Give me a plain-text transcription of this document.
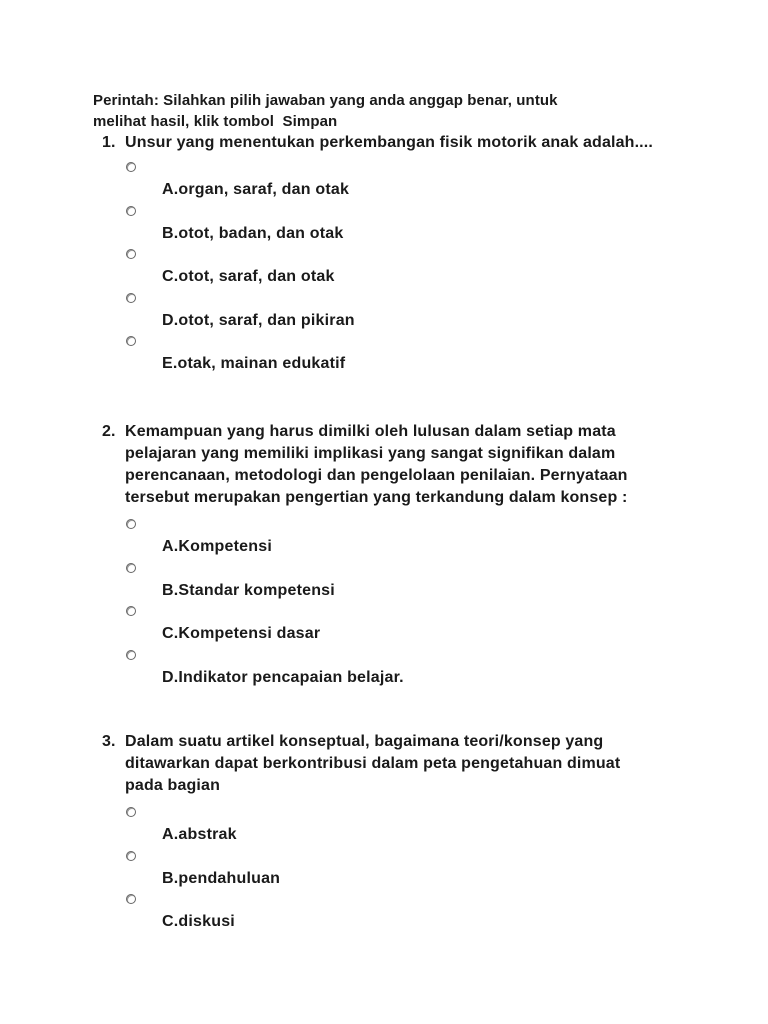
Perintah: Silahkan pilih jawaban yang anda anggap benar, untuk
melihat hasil, klik tombol  Simpan
1. Unsur yang menentukan perkembangan fisik motorik anak adalah....
A.organ, saraf, dan otak
B.otot, badan, dan otak
C.otot, saraf, dan otak
D.otot, saraf, dan pikiran
E.otak, mainan edukatif
2. Kemampuan yang harus dimilki oleh lulusan dalam setiap mata pelajaran yang memiliki implikasi yang sangat signifikan dalam perencanaan, metodologi dan pengelolaan penilaian. Pernyataan tersebut merupakan pengertian yang terkandung dalam konsep :
A.Kompetensi
B.Standar kompetensi
C.Kompetensi dasar
D.Indikator pencapaian belajar.
3. Dalam suatu artikel konseptual, bagaimana teori/konsep yang ditawarkan dapat berkontribusi dalam peta pengetahuan dimuat pada bagian
A.abstrak
B.pendahuluan
C.diskusi
